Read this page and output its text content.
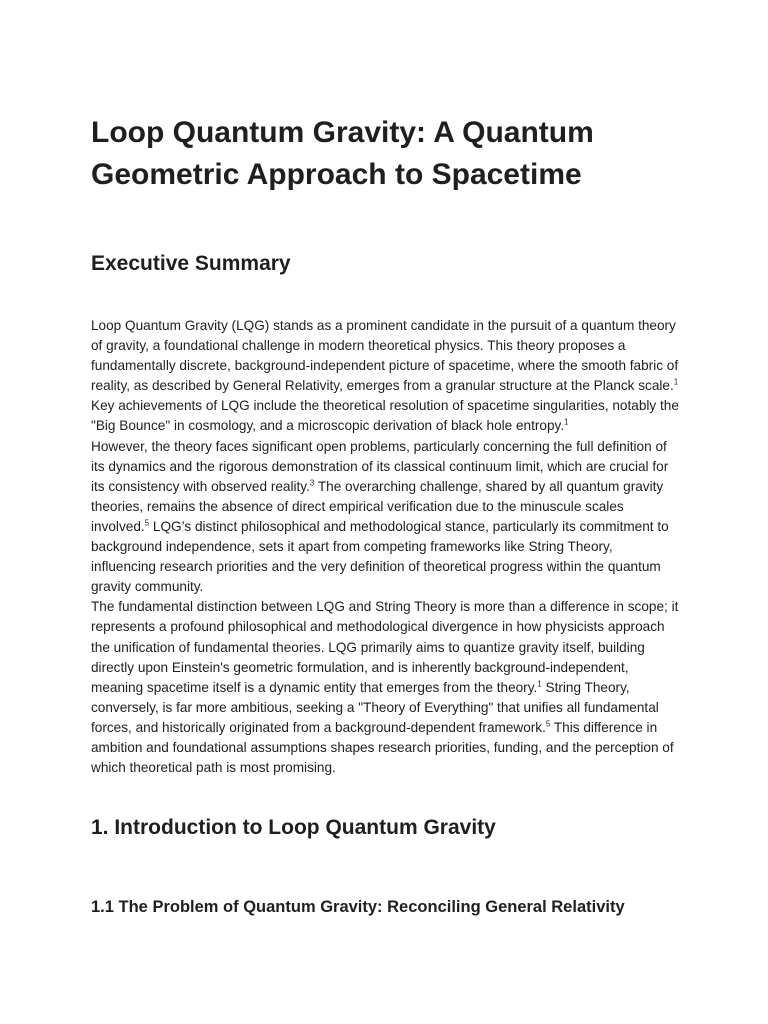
Loop Quantum Gravity: A Quantum Geometric Approach to Spacetime
Executive Summary

Loop Quantum Gravity (LQG) stands as a prominent candidate in the pursuit of a quantum theory of gravity, a foundational challenge in modern theoretical physics. This theory proposes a fundamentally discrete, background-independent picture of spacetime, where the smooth fabric of reality, as described by General Relativity, emerges from a granular structure at the Planck scale.$^1$ Key achievements of LQG include the theoretical resolution of spacetime singularities, notably the "Big Bounce" in cosmology, and a microscopic derivation of black hole entropy.$^1$

However, the theory faces significant open problems, particularly concerning the full definition of its dynamics and the rigorous demonstration of its classical continuum limit, which are crucial for its consistency with observed reality.$^3$ The overarching challenge, shared by all quantum gravity theories, remains the absence of direct empirical verification due to the minuscule scales involved.$^5$ LQG’s distinct philosophical and methodological stance, particularly its commitment to background independence, sets it apart from competing frameworks like String Theory, influencing research priorities and the very definition of theoretical progress within the quantum gravity community.

The fundamental distinction between LQG and String Theory is more than a difference in scope; it represents a profound philosophical and methodological divergence in how physicists approach the unification of fundamental theories. LQG primarily aims to quantize gravity itself, building directly upon Einstein's geometric formulation, and is inherently background-independent, meaning spacetime itself is a dynamic entity that emerges from the theory.$^1$ String Theory, conversely, is far more ambitious, seeking a "Theory of Everything" that unifies all fundamental forces, and historically originated from a background-dependent framework.$^5$ This difference in ambition and foundational assumptions shapes research priorities, funding, and the perception of which theoretical path is most promising.

1. Introduction to Loop Quantum Gravity
1.1 The Problem of Quantum Gravity: Reconciling General Relativity
